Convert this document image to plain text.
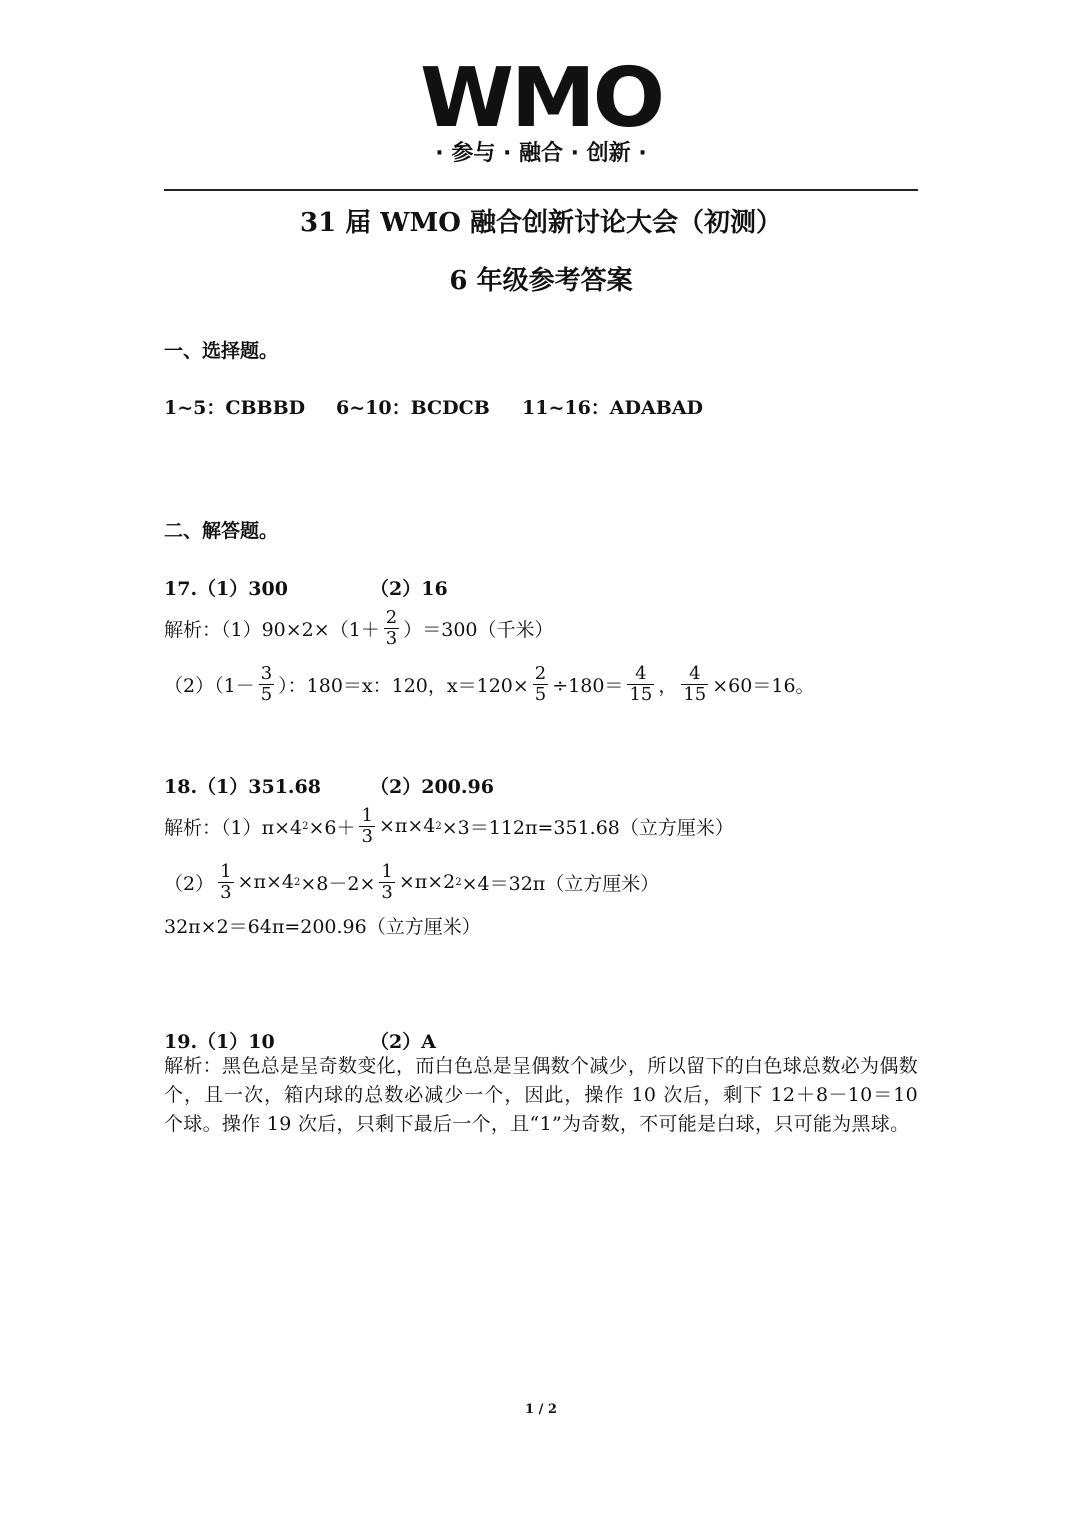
WMO
· 参与 · 融合 · 创新 ·
31 届 WMO 融合创新讨论大会（初测）
6 年级参考答案
一、选择题。
1~5：CBBBD 6~10：BCDCB 11~16：ADABAD
二、解答题。
17.（1）300	（2）16
解析：$(1)90\times 2\times(1+ \frac{2}{3} )=300$（千米）
$(2)(1- \frac{3}{5}$ ）：180＝x：120，$x=120\times \frac{2}{5} \div 180= \frac{4}{15}$ ， $\frac{4}{15} \times 60=16$。
18.（1）351.68	（2）200.96
解析：（1）π×4 $2 \times 6+ \frac{1}{3} \times\pi\times 4$ 2 ×3＝112π=351.68（立方厘米）
$(2) \frac{1}{3} \times\pi\times 4$ $2 \times 8-2\times \frac{1}{3} \times\pi\times 2$ 2 ×4＝32π（立方厘米）
32π×2＝64π=200.96（立方厘米）
19.（1）10	（2）A
解析：黑色总是呈奇数变化，而白色总是呈偶数个减少，所以留下的白色球总数必为偶数个，且一次，箱内球的总数必减少一个，因此，操作 10 次后，剩下 12＋8－10＝10 个球。操作 19 次后，只剩下最后一个，且“1”为奇数，不可能是白球，只可能为黑球。
1 / 2
